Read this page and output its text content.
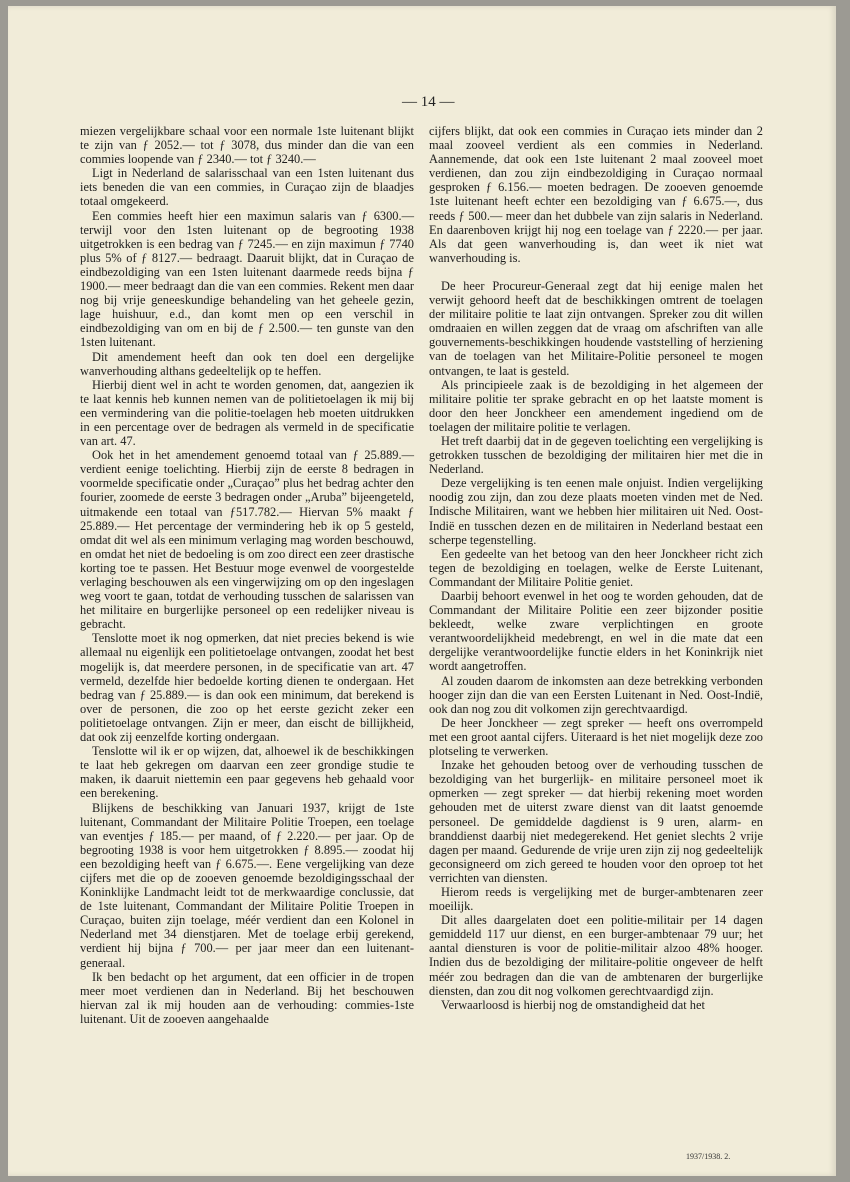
— 14 —

miezen vergelijkbare schaal voor een normale 1ste luitenant blijkt te zijn van ƒ 2052.— tot ƒ 3078, dus minder dan die van een commies loopende van ƒ 2340.— tot ƒ 3240.—

Ligt in Nederland de salarisschaal van een 1sten luitenant dus iets beneden die van een commies, in Curaçao zijn de blaadjes totaal omgekeerd.

Een commies heeft hier een maximun salaris van ƒ 6300.— terwijl voor den 1sten luitenant op de begrooting 1938 uitgetrokken is een bedrag van ƒ 7245.— en zijn maximun ƒ 7740 plus 5% of ƒ 8127.— bedraagt. Daaruit blijkt, dat in Curaçao de eindbezoldiging van een 1sten luitenant daarmede reeds bijna ƒ 1900.— meer bedraagt dan die van een commies. Rekent men daar nog bij vrije geneeskundige behandeling van het geheele gezin, lage huishuur, e.d., dan komt men op een verschil in eindbezoldiging van om en bij de ƒ 2.500.— ten gunste van den 1sten luitenant.

Dit amendement heeft dan ook ten doel een dergelijke wanverhouding althans gedeeltelijk op te heffen.

Hierbij dient wel in acht te worden genomen, dat, aangezien ik te laat kennis heb kunnen nemen van de politietoelagen ik mij bij een vermindering van die politie-toelagen heb moeten uitdrukken in een percentage over de bedragen als vermeld in de specificatie van art. 47.

Ook het in het amendement genoemd totaal van ƒ 25.889.— verdient eenige toelichting. Hierbij zijn de eerste 8 bedragen in voormelde specificatie onder „Curaçao” plus het bedrag achter den fourier, zoomede de eerste 3 bedragen onder „Aruba” bijeengeteld, uitmakende een totaal van ƒ517.782.— Hiervan 5% maakt ƒ 25.889.— Het percentage der vermindering heb ik op 5 gesteld, omdat dit wel als een minimum verlaging mag worden beschouwd, en omdat het niet de bedoeling is om zoo direct een zeer drastische korting toe te passen. Het Bestuur moge evenwel de voorgestelde verlaging beschouwen als een vingerwijzing om op den ingeslagen weg voort te gaan, totdat de verhouding tusschen de salarissen van het militaire en burgerlijke personeel op een redelijker niveau is gebracht.

Tenslotte moet ik nog opmerken, dat niet precies bekend is wie allemaal nu eigenlijk een politietoelage ontvangen, zoodat het best mogelijk is, dat meerdere personen, in de specificatie van art. 47 vermeld, dezelfde hier bedoelde korting dienen te ondergaan. Het bedrag van ƒ 25.889.— is dan ook een minimum, dat berekend is over de personen, die zoo op het eerste gezicht zeker een politietoelage ontvangen. Zijn er meer, dan eischt de billijkheid, dat ook zij eenzelfde korting ondergaan.

Tenslotte wil ik er op wijzen, dat, alhoewel ik de beschikkingen te laat heb gekregen om daarvan een zeer grondige studie te maken, ik daaruit niettemin een paar gegevens heb gehaald voor een berekening.

Blijkens de beschikking van Januari 1937, krijgt de 1ste luitenant, Commandant der Militaire Politie Troepen, een toelage van eventjes ƒ 185.— per maand, of ƒ 2.220.— per jaar. Op de begrooting 1938 is voor hem uitgetrokken ƒ 8.895.— zoodat hij een bezoldiging heeft van ƒ 6.675.—. Eene vergelijking van deze cijfers met die op de zooeven genoemde bezoldigingsschaal der Koninklijke Landmacht leidt tot de merkwaardige conclussie, dat de 1ste luitenant, Commandant der Militaire Politie Troepen in Curaçao, buiten zijn toelage, méér verdient dan een Kolonel in Nederland met 34 dienstjaren. Met de toelage erbij gerekend, verdient hij bijna ƒ 700.— per jaar meer dan een luitenant-generaal.

Ik ben bedacht op het argument, dat een officier in de tropen meer moet verdienen dan in Nederland. Bij het beschouwen hiervan zal ik mij houden aan de verhouding: commies-1ste luitenant. Uit de zooeven aangehaalde

cijfers blijkt, dat ook een commies in Curaçao iets minder dan 2 maal zooveel verdient als een commies in Nederland. Aannemende, dat ook een 1ste luitenant 2 maal zooveel moet verdienen, dan zou zijn eindbezoldiging in Curaçao normaal gesproken ƒ 6.156.— moeten bedragen. De zooeven genoemde 1ste luitenant heeft echter een bezoldiging van ƒ 6.675.—, dus reeds ƒ 500.— meer dan het dubbele van zijn salaris in Nederland. En daarenboven krijgt hij nog een toelage van ƒ 2220.— per jaar. Als dat geen wanverhouding is, dan weet ik niet wat wanverhouding is.

De heer Procureur-Generaal zegt dat hij eenige malen het verwijt gehoord heeft dat de beschikkingen omtrent de toelagen der militaire politie te laat zijn ontvangen. Spreker zou dit willen omdraaien en willen zeggen dat de vraag om afschriften van alle gouvernements-beschikkingen houdende vaststelling of herziening van de toelagen van het Militaire-Politie personeel te mogen ontvangen, te laat is gesteld.

Als principieele zaak is de bezoldiging in het algemeen der militaire politie ter sprake gebracht en op het laatste moment is door den heer Jonckheer een amendement ingediend om de toelagen der militaire politie te verlagen.

Het treft daarbij dat in de gegeven toelichting een vergelijking is getrokken tusschen de bezoldiging der militairen hier met die in Nederland.

Deze vergelijking is ten eenen male onjuist. Indien vergelijking noodig zou zijn, dan zou deze plaats moeten vinden met de Ned. Indische Militairen, want we hebben hier militairen uit Ned. Oost-Indië en tusschen dezen en de militairen in Nederland bestaat een scherpe tegenstelling.

Een gedeelte van het betoog van den heer Jonckheer richt zich tegen de bezoldiging en toelagen, welke de Eerste Luitenant, Commandant der Militaire Politie geniet.

Daarbij behoort evenwel in het oog te worden gehouden, dat de Commandant der Militaire Politie een zeer bijzonder positie bekleedt, welke zware verplichtingen en groote verantwoordelijkheid medebrengt, en wel in die mate dat een dergelijke verantwoordelijke functie elders in het Koninkrijk niet wordt aangetroffen.

Al zouden daarom de inkomsten aan deze betrekking verbonden hooger zijn dan die van een Eersten Luitenant in Ned. Oost-Indië, ook dan nog zou dit volkomen zijn gerechtvaardigd.

De heer Jonckheer — zegt spreker — heeft ons overrompeld met een groot aantal cijfers. Uiteraard is het niet mogelijk deze zoo plotseling te verwerken.

Inzake het gehouden betoog over de verhouding tusschen de bezoldiging van het burgerlijk- en militaire personeel moet ik opmerken — zegt spreker — dat hierbij rekening moet worden gehouden met de uiterst zware dienst van dit laatst genoemde personeel. De gemiddelde dagdienst is 9 uren, alarm- en branddienst daarbij niet medegerekend. Het geniet slechts 2 vrije dagen per maand. Gedurende de vrije uren zijn zij nog gedeeltelijk geconsigneerd om zich gereed te houden voor den oproep tot het verrichten van diensten.

Hierom reeds is vergelijking met de burger-ambtenaren zeer moeilijk.

Dit alles daargelaten doet een politie-militair per 14 dagen gemiddeld 117 uur dienst, en een burger-ambtenaar 79 uur; het aantal diensturen is voor de politie-militair alzoo 48% hooger. Indien dus de bezoldiging der militaire-politie ongeveer de helft méér zou bedragen dan die van de ambtenaren der burgerlijke diensten, dan zou dit nog volkomen gerechtvaardigd zijn.

Verwaarloosd is hierbij nog de omstandigheid dat het

1937/1938. 2.
